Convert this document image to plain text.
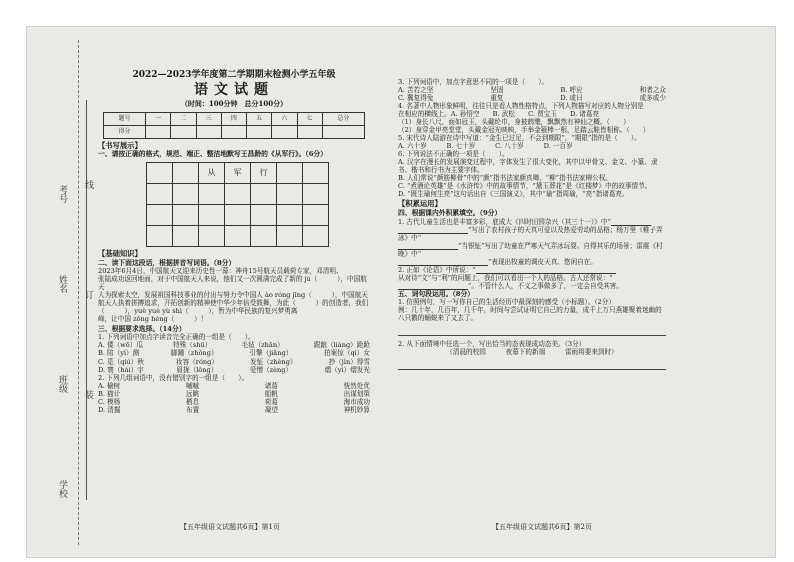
考号
姓名
班级
学校
线
订
装
2022—2023学年度第二学期期末检测小学五年级
语文试题
（时间：100分钟　总分100分）
题号	一	二	三	四	五	六	七	总分
得分								
【书写展示】
一、请按正确的格式，规范、端正、整洁地默写王昌龄的《从军行》。（6分）
从	军	行
【基础知识】
二、读下面这段话，根据拼音写词语。（8分）
2023年6月4日，中国航天又迎来历史性一幕：神舟15号航天员载荷专家，邓清明、
张陆成功返回地面，对于中国航天人来说，他们又一次圆满完成了新的 jù（　　　），中国航天
人为探索太空，发展祖国科技事业的付出与努力令中国人 ào rónɡ jīnɡ（　　　），中国航天
航天人执着拼搏追求，开拓创新的精神使中华少年倍受鼓舞，为此（　　　）的创造者，我们
（　　　），yuè yuè yù shì（　　　），暂为中华民族的复兴梦勇离
峰，让中国 zōnɡ hénɡ（　　　）！
三、根据要求选择。（14分）
1. 下列词语中加点字读音完全正确的一组是（　　）。
A. 倭（wō）瓜	特殊（shū）	毛毡（zhān）	跟踉（liànɡ）跄跄
B. 陪（yì）测	脚踵（zhǒnɡ）	引擎（jiǎnɡ）	拍案惊（qì）女
C. 觅（qiú）秋	妆容（rónɡ）	发怔（zhènɡ）	抄（jìn）得雪
D. 寰（hái）宇	眉拢（lǒnɡ）	爱憎（zènɡ）	熠（yì）熠发光
2. 下列几组词语中，没有错别字的一组是（　　）。
A. 榆树	嘁嘁	诸葛	恍然处优
B. 猫计	远眺	船帆	出谋划策
C. 模杨	栖息	荷葛	海市成功
D. 清掘	布置	凝望	神机妙算
【五年级语文试题共6页】第1页
3. 下列词语中，加点字意思不同的一项是（　　）。
A. 苦若之坚	坚固	B. 呼应	和者之众
C. 冀复得兔	重复	D. 或曰	或多或少
4. 名著中人物形象鲜明，往往只是看人物性格特点，下列人物描写对应的人物分别是
在相应的横线上。A. 孙悟空　　B. 武松　　C. 贾宝玉　　D. 诸葛亮
（1）身长八尺，面如冠玉，头戴纶巾，身披鹤氅，飘飘然有神仙之概。（　　）
（2）身穿金甲亮堂堂，头戴金冠光映映，手举金箍棒一根，足踏云鞋皆相称。（　　）
5. 宋代诗人陆游在诗中写道：“金生已过足，不会到期限”，“期限”指的是（　　）。
A. 六十岁　　　B. 七十岁　　　C. 八十岁　　　D. 一百岁
6. 下列说法不正确的一项是（　　）。
A. 汉字在漫长的发展演变过程中，字体发生了很大变化，其中以甲骨文、金文、小篆、隶书、楷书和行书为主要字体。
B. 人们常说“颜筋柳骨”中的“颜”指书法家颜真卿，“柳”指书法家柳公权。
C. “煮酒论英雄”是《水浒传》中的故事情节，“黛玉葬花”是《红楼梦》中的故事情节。
D. “既生瑜何生亮”这句话出自《三国演义》，其中“瑜”指周瑜，“亮”指诸葛亮。
【积累运用】
四、根据课内外积累填空。（9分）
1. 古代儿童生活也是丰富多彩，底成大《四时田园杂兴（其三十一）》中“
”写出了农村孩子的天真可爱以及热爱劳动的品格；杨万里《稚子弄冰》中“
”当银钲”写出了幼童在严寒天气弄冰玩耍、自得其乐的场景；雷震《村晚》中“
”表现出牧童的调皮天真、悠闲自在。
2. 正如《论语》中所说：“
从对待“文”与“利”的问题上，我们可以看出一个人的品格。古人还常说：“
”。不管什么人，不义之事做多了，一定会自受其害。
五、词句段运用。（8分）
1. 仿照例句，写一写你自己的生活经历中最深刻的感受（小标题）。（2分）
例：几十年，几百年，几千年，时间与尝试证明它自己的力量，成千上万只燕雄聚着迷幽的八只鹅的蛹蜕来了又去了。
2. 从下面情境中任选一个，写出恰当的态表现成动态美。（3分）
（清晨的校园　　　夜幕下的新端　　　雷雨将要来到时）
【五年级语文试题共6页】第2页
